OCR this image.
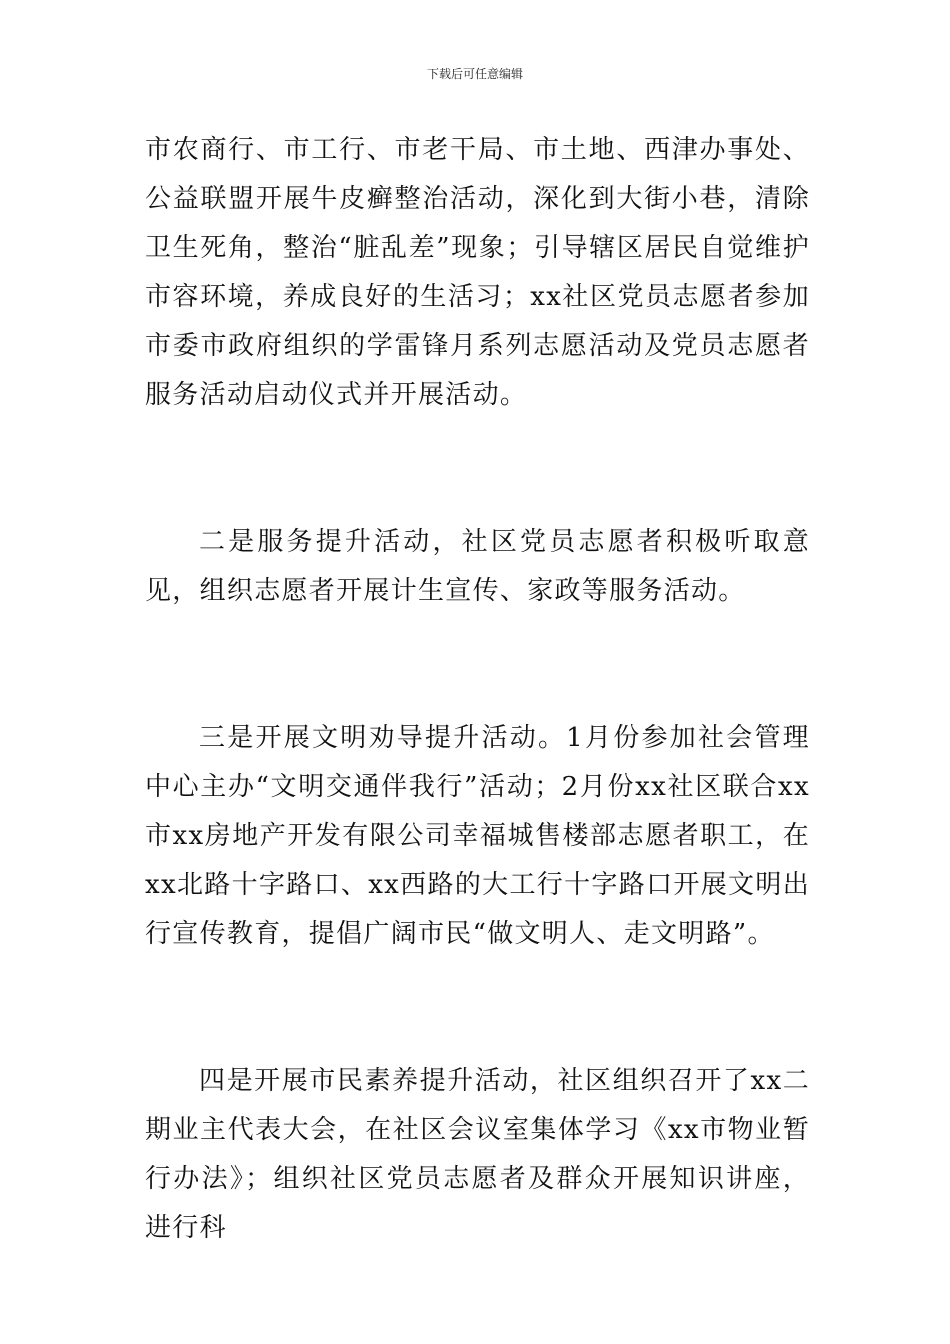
下载后可任意编辑

市农商行、市工行、市老干局、市土地、西津办事处、公益联盟开展牛皮癣整治活动，深化到大街小巷，清除卫生死角，整治“脏乱差”现象；引导辖区居民自觉维护市容环境，养成良好的生活习；xx社区党员志愿者参加市委市政府组织的学雷锋月系列志愿活动及党员志愿者服务活动启动仪式并开展活动。

二是服务提升活动，社区党员志愿者积极听取意见，组织志愿者开展计生宣传、家政等服务活动。

三是开展文明劝导提升活动。1月份参加社会管理中心主办“文明交通伴我行”活动；2月份xx社区联合xx市xx房地产开发有限公司幸福城售楼部志愿者职工，在xx北路十字路口、xx西路的大工行十字路口开展文明出行宣传教育，提倡广阔市民“做文明人、走文明路”。

四是开展市民素养提升活动，社区组织召开了xx二期业主代表大会，在社区会议室集体学习《xx市物业暂行办法》；组织社区党员志愿者及群众开展知识讲座，进行科
